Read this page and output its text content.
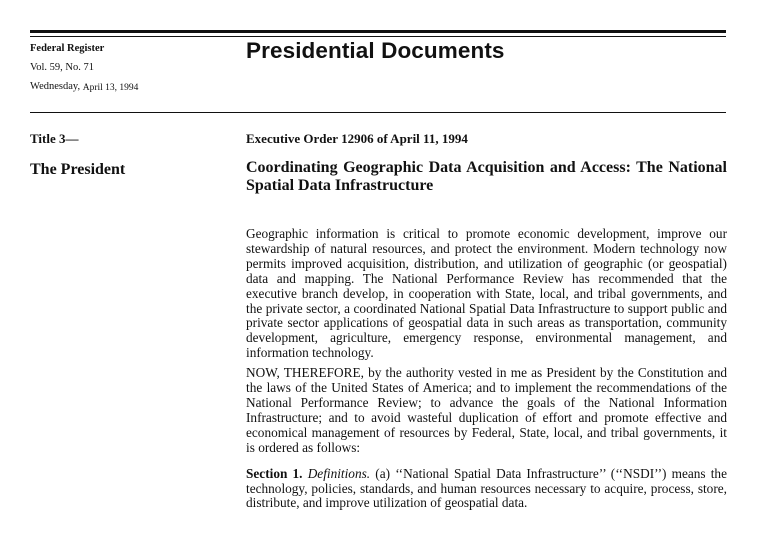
Federal Register
Vol. 59, No. 71
Wednesday, April 13, 1994
Presidential Documents
Title 3—
The President
Executive Order 12906 of April 11, 1994
Coordinating Geographic Data Acquisition and Access: The National Spatial Data Infrastructure

Geographic information is critical to promote economic development, improve our stewardship of natural resources, and protect the environment. Modern technology now permits improved acquisition, distribution, and utilization of geographic (or geospatial) data and mapping. The National Performance Review has recommended that the executive branch develop, in cooperation with State, local, and tribal governments, and the private sector, a coordinated National Spatial Data Infrastructure to support public and private sector applications of geospatial data in such areas as transportation, community development, agriculture, emergency response, environmental management, and information technology.

NOW, THEREFORE, by the authority vested in me as President by the Constitution and the laws of the United States of America; and to implement the recommendations of the National Performance Review; to advance the goals of the National Information Infrastructure; and to avoid wasteful duplication of effort and promote effective and economical management of resources by Federal, State, local, and tribal governments, it is ordered as follows:

Section 1. Definitions. (a) ‘‘National Spatial Data Infrastructure’’ (‘‘NSDI’’) means the technology, policies, standards, and human resources necessary to acquire, process, store, distribute, and improve utilization of geospatial data.
